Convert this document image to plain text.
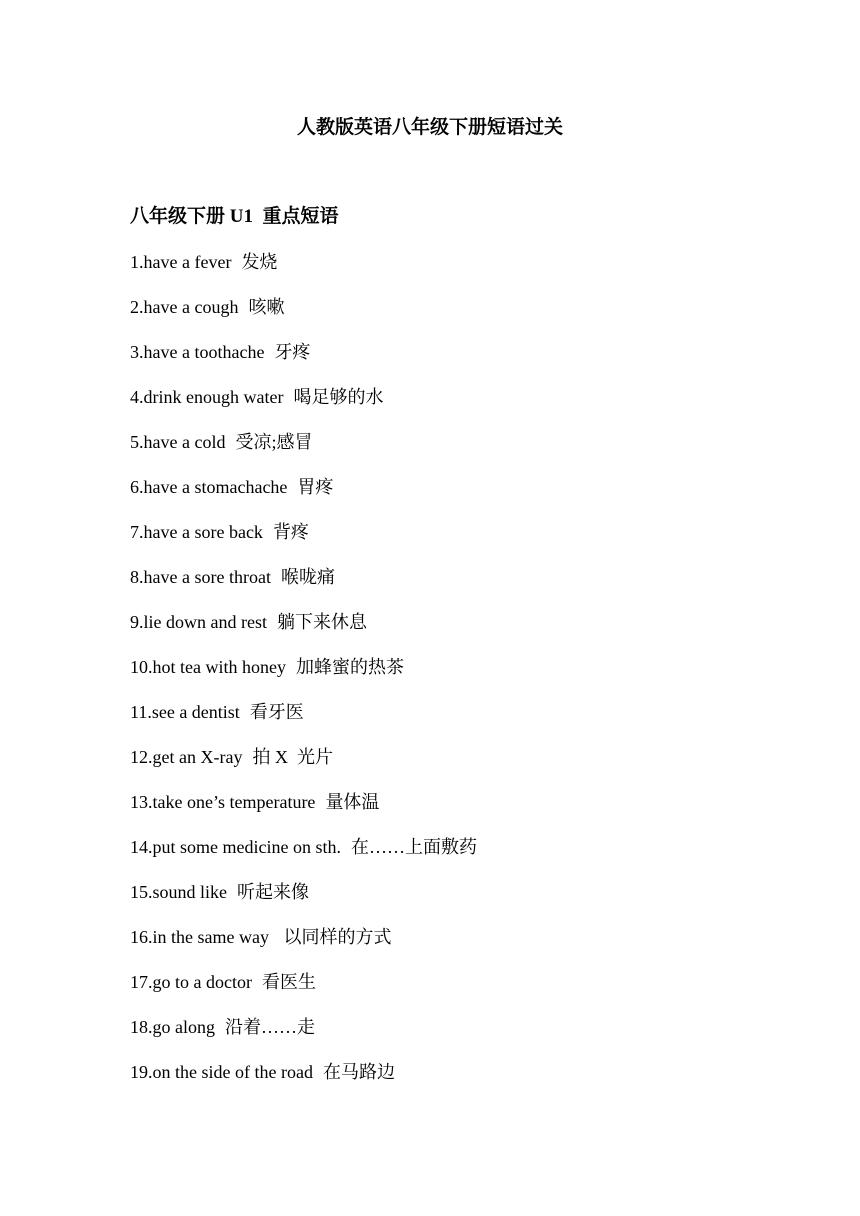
人教版英语八年级下册短语过关
八年级下册 U1  重点短语
1.have a fever 发烧
2.have a cough 咳嗽
3.have a toothache 牙疼
4.drink enough water 喝足够的水
5.have a cold 受凉;感冒
6.have a stomachache 胃疼
7.have a sore back 背疼
8.have a sore throat 喉咙痛
9.lie down and rest 躺下来休息
10.hot tea with honey 加蜂蜜的热茶
11.see a dentist 看牙医
12.get an X-ray 拍 X  光片
13.take one’s temperature 量体温
14.put some medicine on sth. 在……上面敷药
15.sound like 听起来像
16.in the same way 以同样的方式
17.go to a doctor 看医生
18.go along 沿着……走
19.on the side of the road 在马路边
